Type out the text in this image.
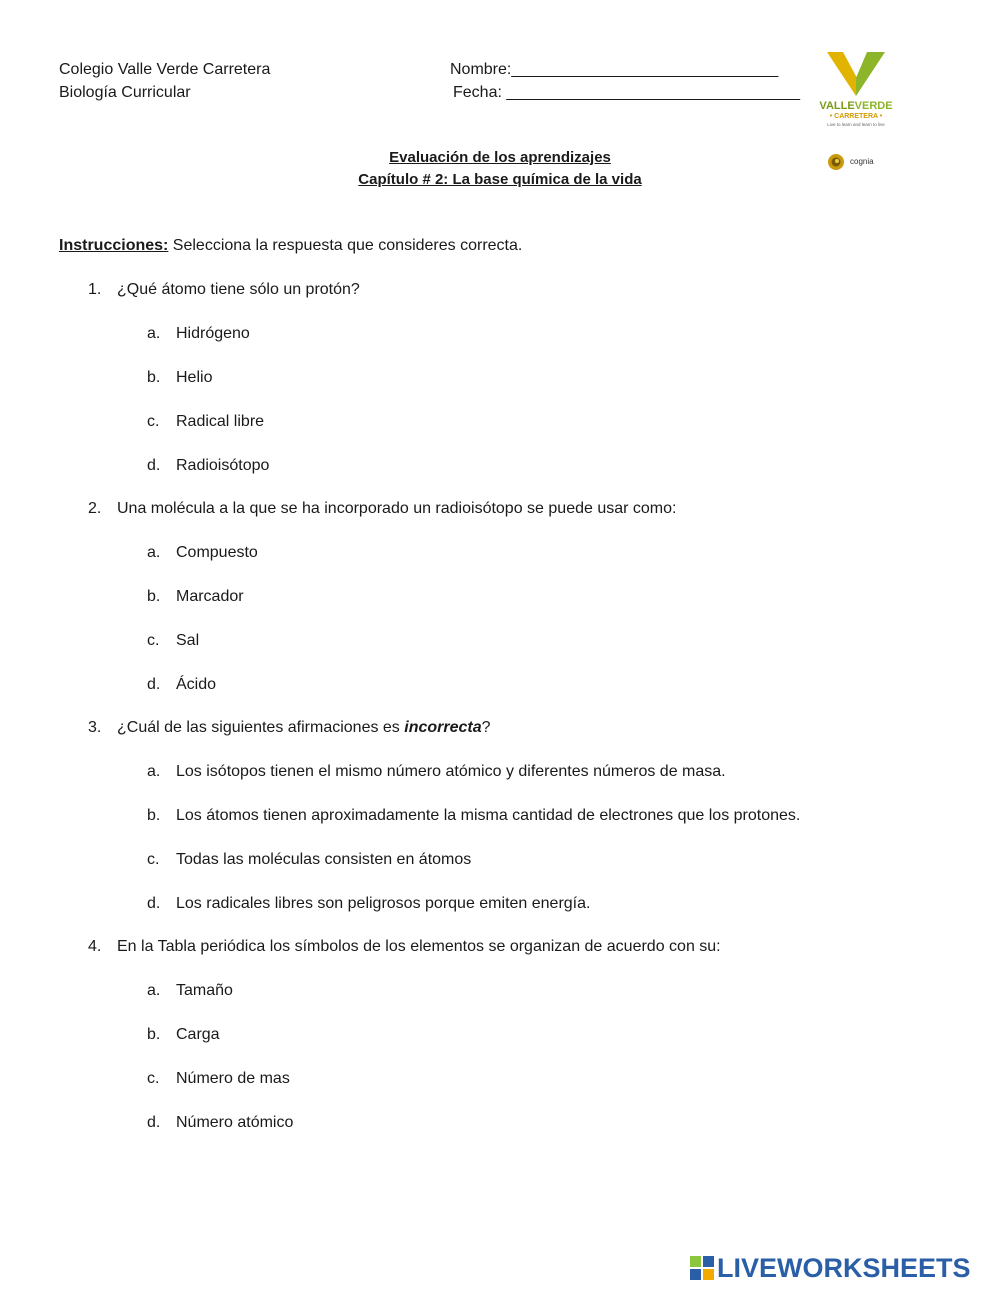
Colegio Valle Verde Carretera
Biología Curricular
Nombre:______________________________
Fecha: _________________________________
VALLEVERDE
• CARRETERA •
Live to learn and learn to live
cognia
Evaluación de los aprendizajes
Capítulo # 2: La base química de la vida
Instrucciones: Selecciona la respuesta que consideres correcta.
1. ¿Qué átomo tiene sólo un protón?
a. Hidrógeno
b. Helio
c. Radical libre
d. Radioisótopo
2. Una molécula a la que se ha incorporado un radioisótopo se puede usar como:
a. Compuesto
b. Marcador
c. Sal
d. Ácido
3. ¿Cuál de las siguientes afirmaciones es incorrecta?
a. Los isótopos tienen el mismo número atómico y diferentes números de masa.
b. Los átomos tienen aproximadamente la misma cantidad de electrones que los protones.
c. Todas las moléculas consisten en átomos
d. Los radicales libres son peligrosos porque emiten energía.
4. En la Tabla periódica los símbolos de los elementos se organizan de acuerdo con su:
a. Tamaño
b. Carga
c. Número de mas
d. Número atómico
LIVEWORKSHEETS
